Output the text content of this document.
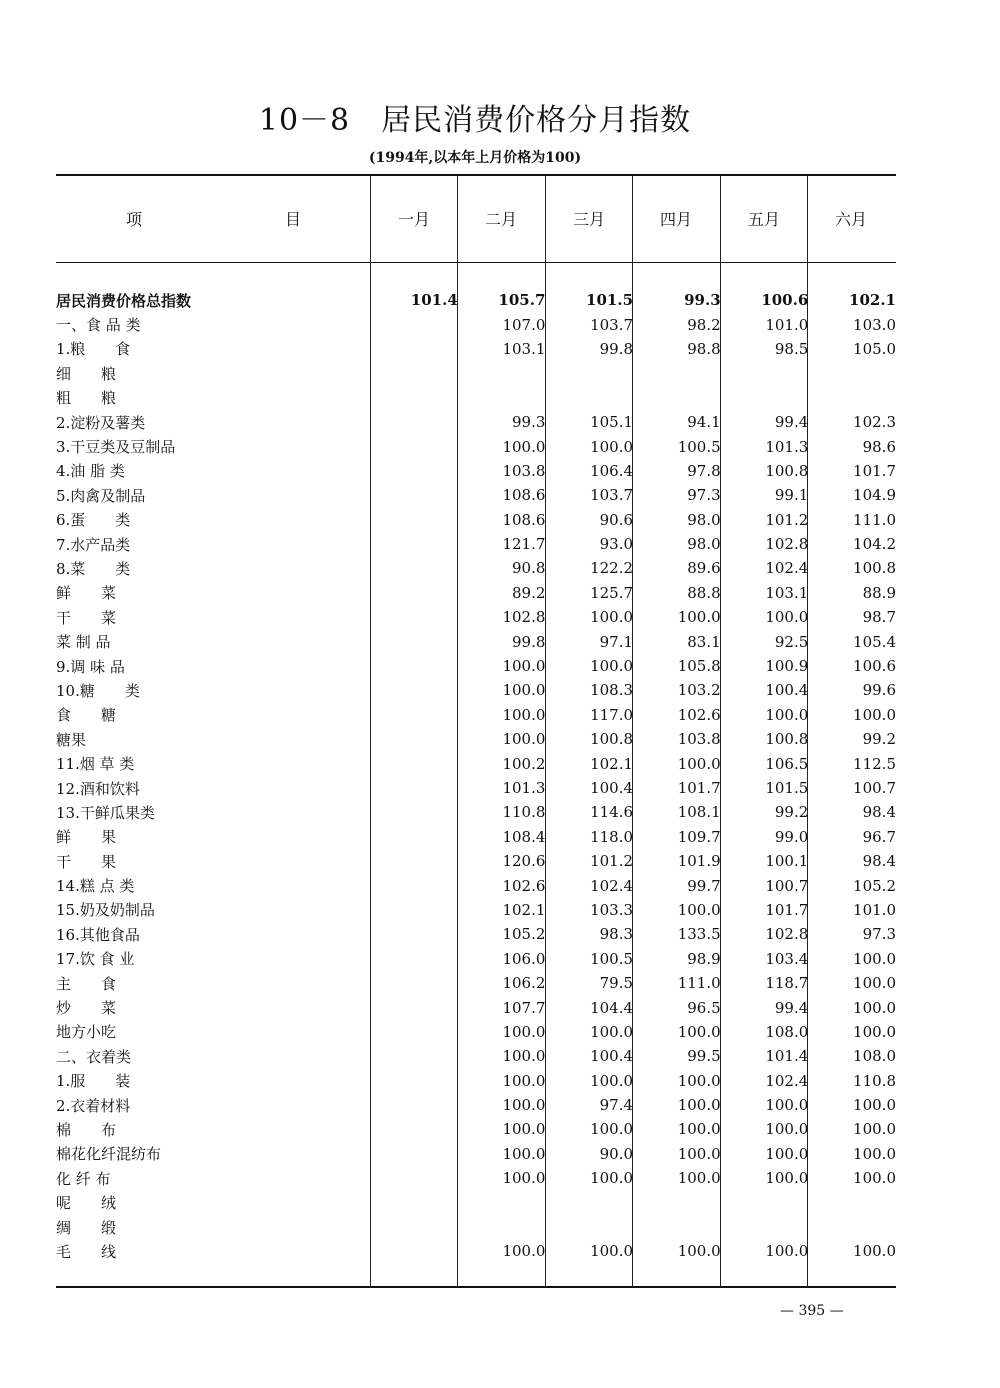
10－8　居民消费价格分月指数
(1994年,以本年上月价格为100)
项	目	一月	二月	三月	四月	五月	六月
居民消费价格总指数	101.4	105.7	101.5	99.3	100.6	102.1
一、食 品 类		107.0	103.7	98.2	101.0	103.0
1.粮　　食		103.1	99.8	98.8	98.5	105.0
细　　粮						
粗　　粮						
2.淀粉及薯类		99.3	105.1	94.1	99.4	102.3
3.干豆类及豆制品		100.0	100.0	100.5	101.3	98.6
4.油 脂 类		103.8	106.4	97.8	100.8	101.7
5.肉禽及制品		108.6	103.7	97.3	99.1	104.9
6.蛋　　类		108.6	90.6	98.0	101.2	111.0
7.水产品类		121.7	93.0	98.0	102.8	104.2
8.菜　　类		90.8	122.2	89.6	102.4	100.8
鲜　　菜		89.2	125.7	88.8	103.1	88.9
干　　菜		102.8	100.0	100.0	100.0	98.7
菜 制 品		99.8	97.1	83.1	92.5	105.4
9.调 味 品		100.0	100.0	105.8	100.9	100.6
10.糖　　类		100.0	108.3	103.2	100.4	99.6
食　　糖		100.0	117.0	102.6	100.0	100.0
糖果		100.0	100.8	103.8	100.8	99.2
11.烟 草 类		100.2	102.1	100.0	106.5	112.5
12.酒和饮料		101.3	100.4	101.7	101.5	100.7
13.干鲜瓜果类		110.8	114.6	108.1	99.2	98.4
鲜　　果		108.4	118.0	109.7	99.0	96.7
干　　果		120.6	101.2	101.9	100.1	98.4
14.糕 点 类		102.6	102.4	99.7	100.7	105.2
15.奶及奶制品		102.1	103.3	100.0	101.7	101.0
16.其他食品		105.2	98.3	133.5	102.8	97.3
17.饮 食 业		106.0	100.5	98.9	103.4	100.0
主　　食		106.2	79.5	111.0	118.7	100.0
炒　　菜		107.7	104.4	96.5	99.4	100.0
地方小吃		100.0	100.0	100.0	108.0	100.0
二、衣着类		100.0	100.4	99.5	101.4	108.0
1.服　　装		100.0	100.0	100.0	102.4	110.8
2.衣着材料		100.0	97.4	100.0	100.0	100.0
棉　　布		100.0	100.0	100.0	100.0	100.0
棉花化纤混纺布		100.0	90.0	100.0	100.0	100.0
化 纤 布		100.0	100.0	100.0	100.0	100.0
呢　　绒						
绸　　缎						
毛　　线		100.0	100.0	100.0	100.0	100.0
— 395 —
